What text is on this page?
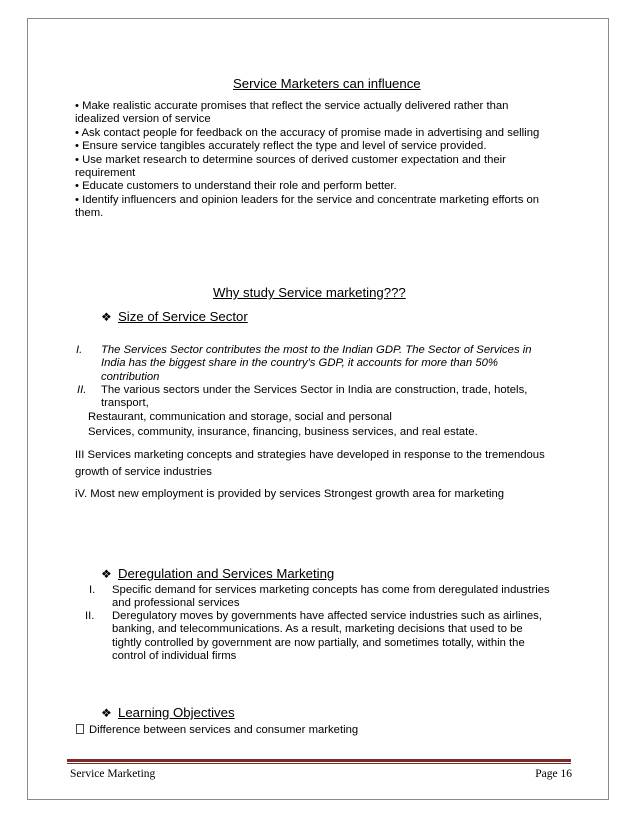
Service Marketers can influence
• Make realistic accurate promises that reflect the service actually delivered rather than
idealized version of service
• Ask contact people for feedback on the accuracy of promise made in advertising and selling
• Ensure service tangibles accurately reflect the type and level of service provided.
• Use market research to determine sources of derived customer expectation and their
requirement
• Educate customers to understand their role and perform better.
• Identify influencers and opinion leaders for the service and concentrate marketing efforts on
them.
Why study Service marketing???
❖ Size of Service Sector
I. The Services Sector contributes the most to the Indian GDP. The Sector of Services in
India has the biggest share in the country's GDP, it accounts for more than 50%
contribution
II. The various sectors under the Services Sector in India are construction, trade, hotels,
transport,
Restaurant, communication and storage, social and personal
Services, community, insurance, financing, business services, and real estate.
III Services marketing concepts and strategies have developed in response to the tremendous
growth of service industries
iV. Most new employment is provided by services Strongest growth area for marketing
❖ Deregulation and Services Marketing
I. Specific demand for services marketing concepts has come from deregulated industries
and professional services
II. Deregulatory moves by governments have affected service industries such as airlines,
banking, and telecommunications. As a result, marketing decisions that used to be
tightly controlled by government are now partially, and sometimes totally, within the
control of individual firms
❖ Learning Objectives
Difference between services and consumer marketing
Service Marketing	Page 16
